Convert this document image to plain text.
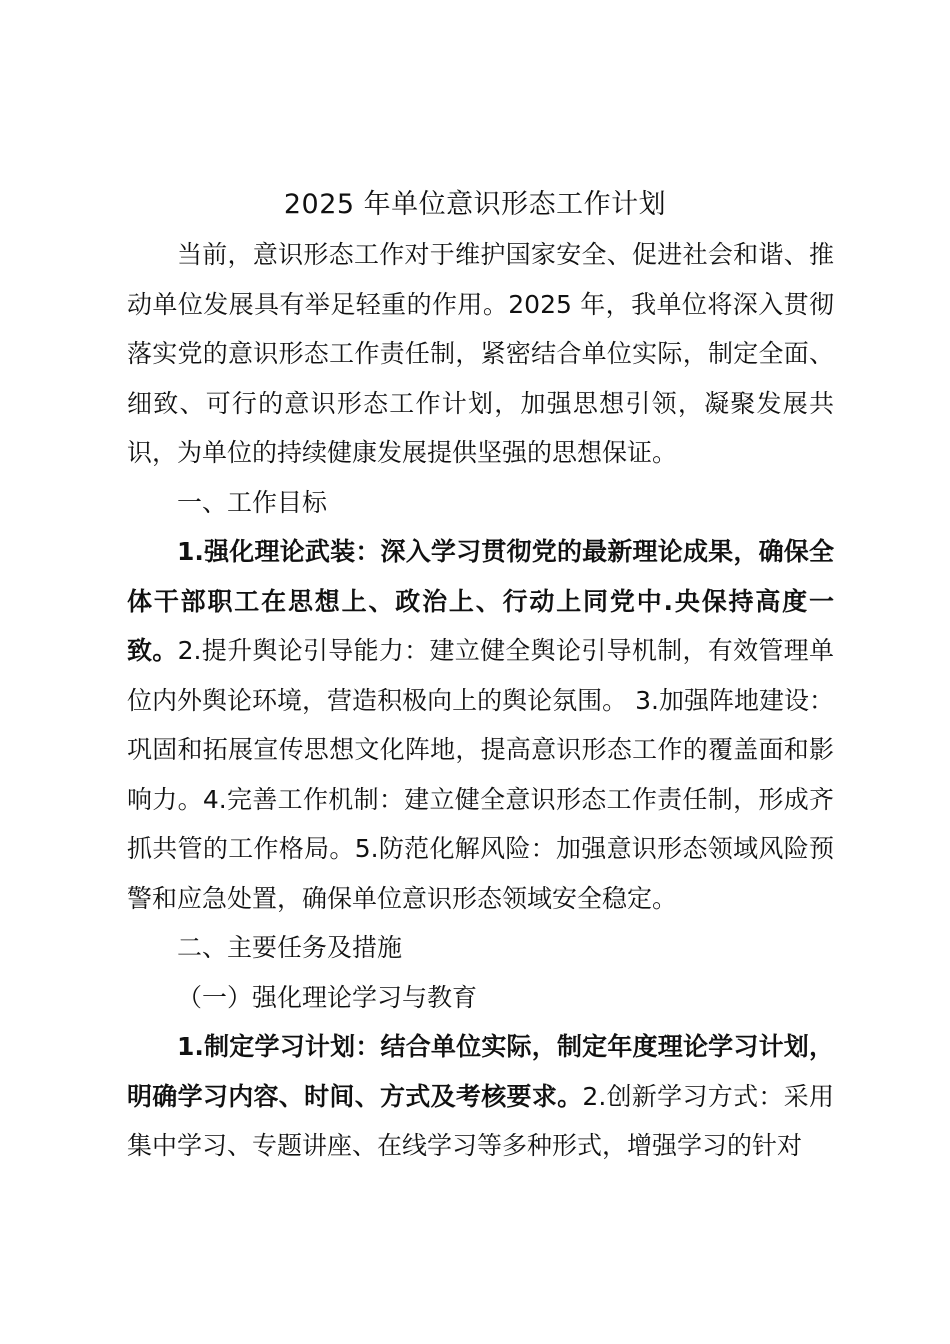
2025 年单位意识形态工作计划

当前，意识形态工作对于维护国家安全、促进社会和谐、推动单位发展具有举足轻重的作用。2025 年，我单位将深入贯彻落实党的意识形态工作责任制，紧密结合单位实际，制定全面、细致、可行的意识形态工作计划，加强思想引领，凝聚发展共识，为单位的持续健康发展提供坚强的思想保证。

一、工作目标

1.强化理论武装：深入学习贯彻党的最新理论成果，确保全体干部职工在思想上、政治上、行动上同党中.央保持高度一致。2.提升舆论引导能力：建立健全舆论引导机制，有效管理单位内外舆论环境，营造积极向上的舆论氛围。 3.加强阵地建设：巩固和拓展宣传思想文化阵地，提高意识形态工作的覆盖面和影响力。4.完善工作机制：建立健全意识形态工作责任制，形成齐抓共管的工作格局。5.防范化解风险：加强意识形态领域风险预警和应急处置，确保单位意识形态领域安全稳定。

二、主要任务及措施

（一）强化理论学习与教育

1.制定学习计划：结合单位实际，制定年度理论学习计划，明确学习内容、时间、方式及考核要求。2.创新学习方式：采用集中学习、专题讲座、在线学习等多种形式，增强学习的针对
